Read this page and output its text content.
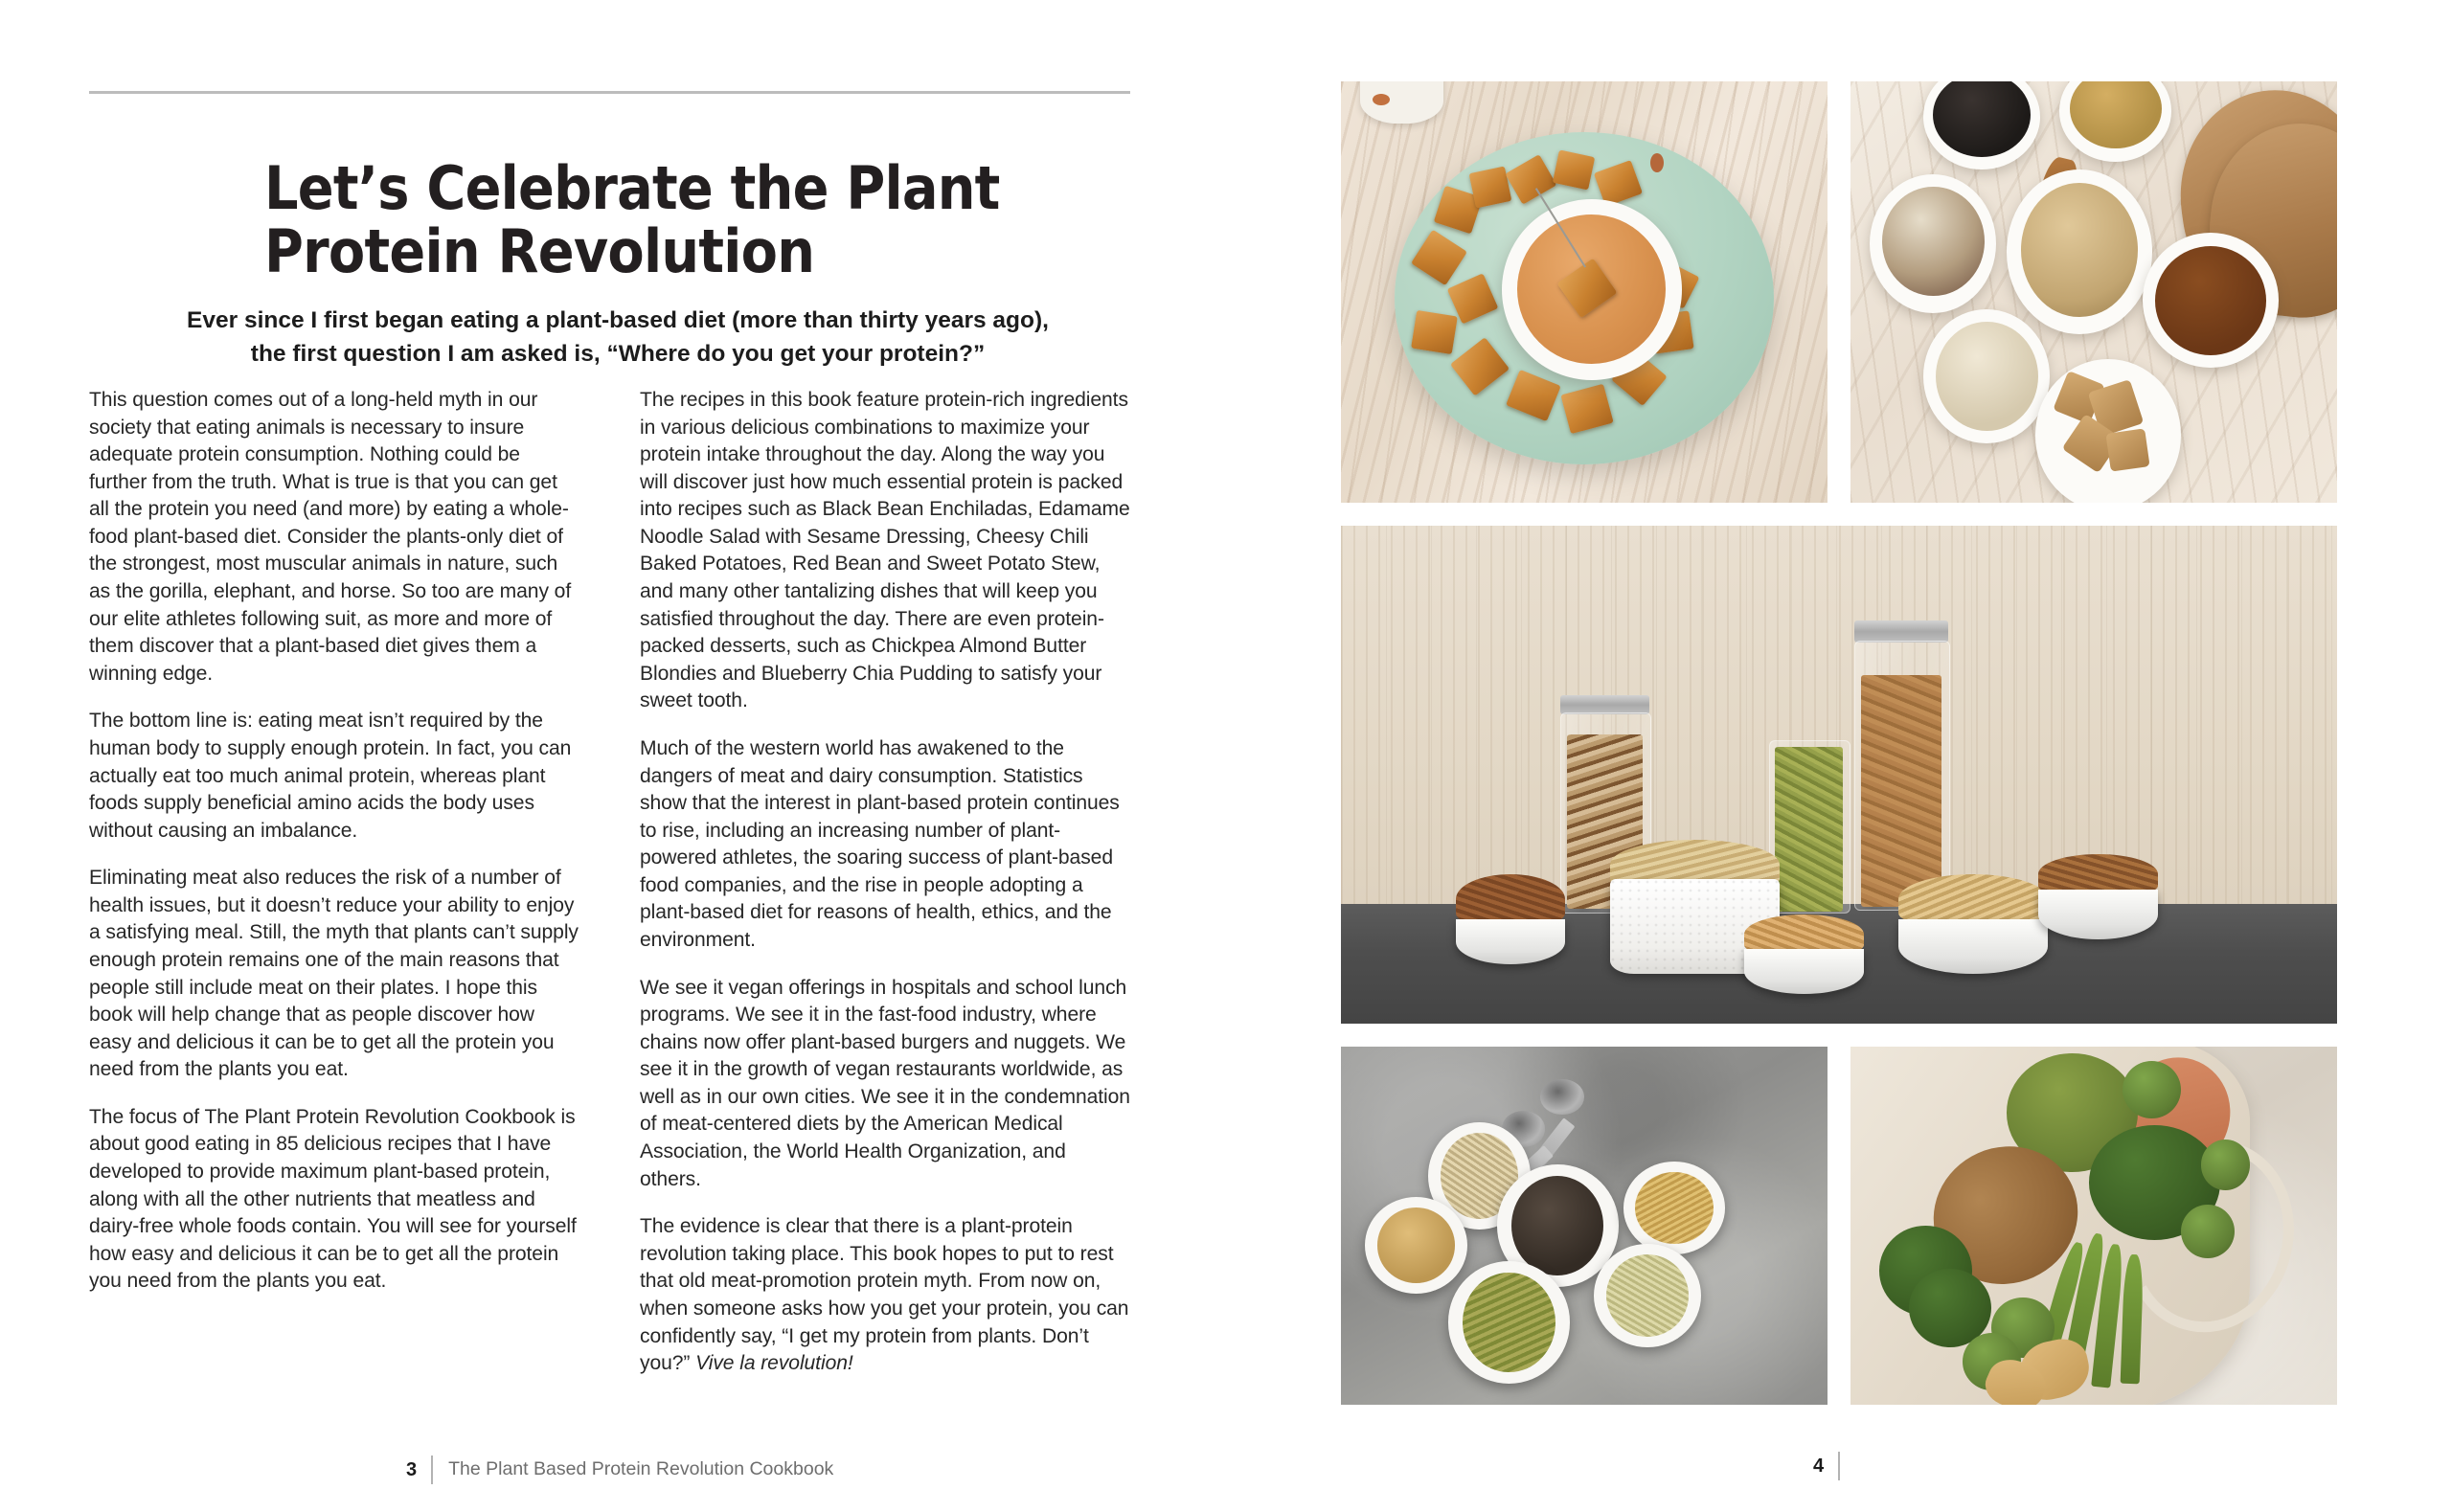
Let’s Celebrate the Plant
Protein Revolution
Ever since I first began eating a plant-based diet (more than thirty years ago),
the first question I am asked is, “Where do you get your protein?”

This question comes out of a long-held myth in our society that eating animals is necessary to insure adequate protein consumption. Nothing could be further from the truth. What is true is that you can get all the protein you need (and more) by eating a whole-food plant-based diet. Consider the plants-only diet of the strongest, most muscular animals in nature, such as the gorilla, elephant, and horse. So too are many of our elite athletes following suit, as more and more of them discover that a plant-based diet gives them a winning edge.

The bottom line is: eating meat isn’t required by the human body to supply enough protein. In fact, you can actually eat too much animal protein, whereas plant foods supply beneficial amino acids the body uses without causing an imbalance.

Eliminating meat also reduces the risk of a number of health issues, but it doesn’t reduce your ability to enjoy a satisfying meal. Still, the myth that plants can’t supply enough protein remains one of the main reasons that people still include meat on their plates. I hope this book will help change that as people discover how easy and delicious it can be to get all the protein you need from the plants you eat.

The focus of The Plant Protein Revolution Cookbook is about good eating in 85 delicious recipes that I have developed to provide maximum plant-based protein, along with all the other nutrients that meatless and dairy-free whole foods contain. You will see for yourself how easy and delicious it can be to get all the protein you need from the plants you eat.

The recipes in this book feature protein-rich ingredients in various delicious combinations to maximize your protein intake throughout the day. Along the way you will discover just how much essential protein is packed into recipes such as Black Bean Enchiladas, Edamame Noodle Salad with Sesame Dressing, Cheesy Chili Baked Potatoes, Red Bean and Sweet Potato Stew, and many other tantalizing dishes that will keep you satisfied throughout the day. There are even protein-packed desserts, such as Chickpea Almond Butter Blondies and Blueberry Chia Pudding to satisfy your sweet tooth.

Much of the western world has awakened to the dangers of meat and dairy consumption. Statistics show that the interest in plant-based protein continues to rise, including an increasing number of plant-powered athletes, the soaring success of plant-based food companies, and the rise in people adopting a plant-based diet for reasons of health, ethics, and the environment.

We see it vegan offerings in hospitals and school lunch programs. We see it in the fast-food industry, where chains now offer plant-based burgers and nuggets. We see it in the growth of vegan restaurants worldwide, as well as in our own cities. We see it in the condemnation of meat-centered diets by the American Medical Association, the World Health Organization, and others.

The evidence is clear that there is a plant-protein revolution taking place. This book hopes to put to rest that old meat-promotion protein myth. From now on, when someone asks how you get your protein, you can confidently say, “I get my protein from plants. Don’t you?” Vive la revolution!

3	The Plant Based Protein Revolution Cookbook	4
